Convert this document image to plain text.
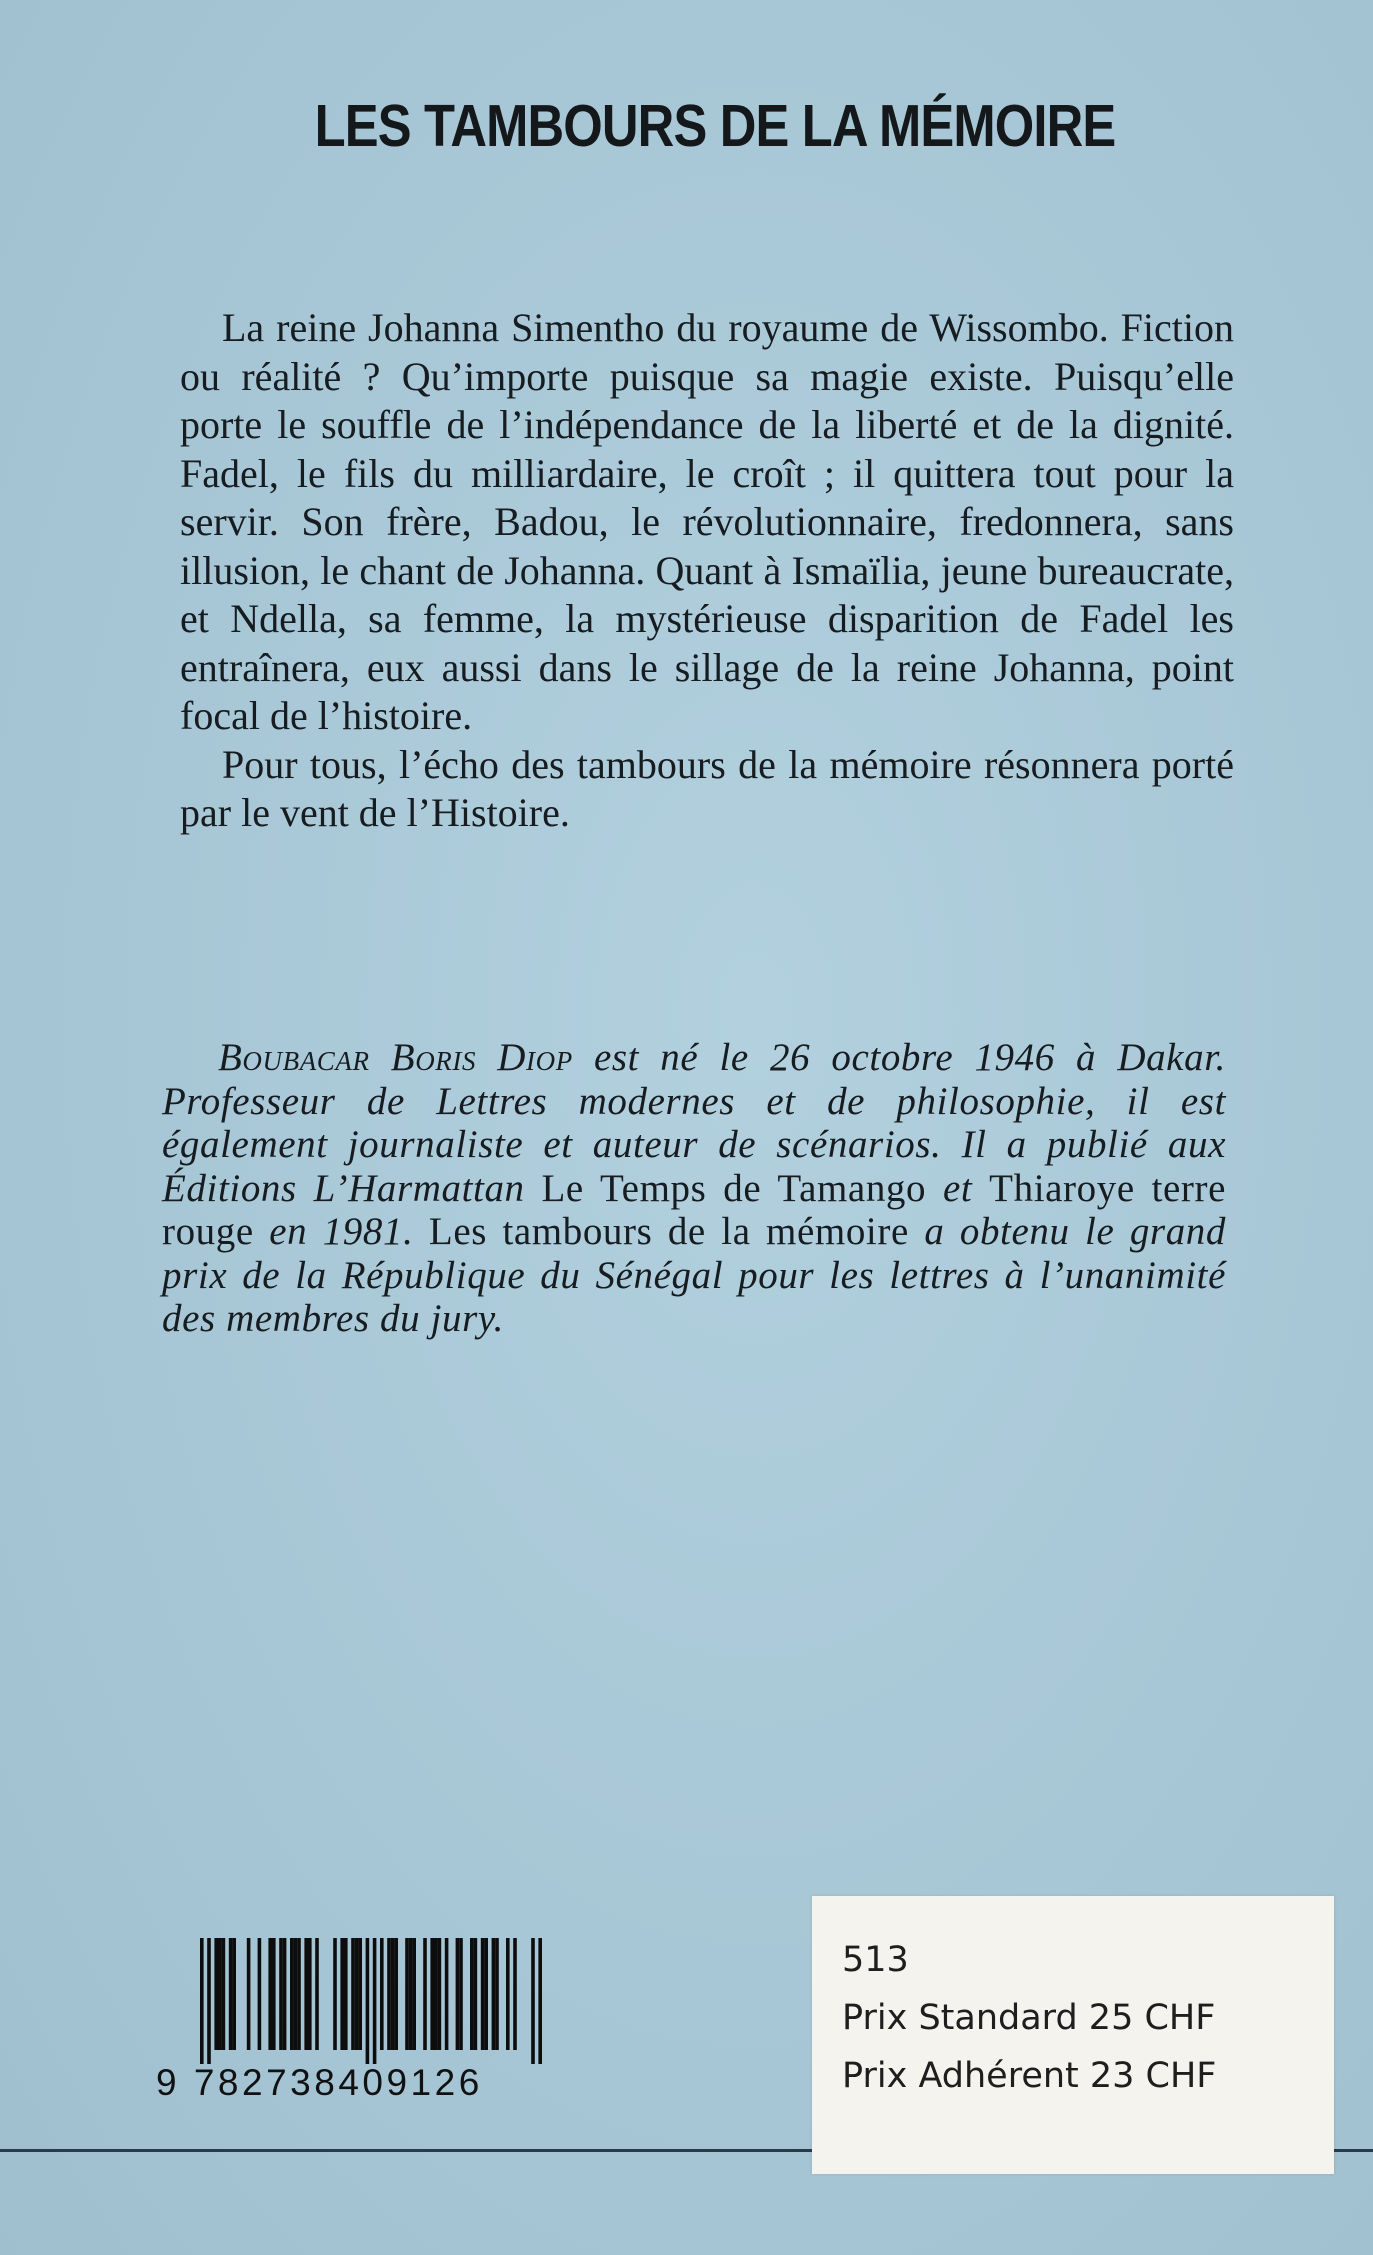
LES TAMBOURS DE LA MÉMOIRE

La reine Johanna Simentho du royaume de Wissombo. Fiction ou réalité ? Qu’importe puisque sa magie existe. Puisqu’elle porte le souffle de l’indépendance de la liberté et de la dignité. Fadel, le fils du milliardaire, le croît ; il quittera tout pour la servir. Son frère, Badou, le révolutionnaire, fredonnera, sans illusion, le chant de Johanna. Quant à Ismaïlia, jeune bureaucrate, et Ndella, sa femme, la mystérieuse disparition de Fadel les entraînera, eux aussi dans le sillage de la reine Johanna, point focal de l’histoire.

Pour tous, l’écho des tambours de la mémoire résonnera porté par le vent de l’Histoire.

Boubacar Boris Diop est né le 26 octobre 1946 à Dakar. Professeur de Lettres modernes et de philosophie, il est également journaliste et auteur de scénarios. Il a publié aux Éditions L’Harmattan Le Temps de Tamango et Thiaroye terre rouge en 1981. Les tambours de la mémoire a obtenu le grand prix de la République du Sénégal pour les lettres à l’unanimité des membres du jury.

9 782738409126
513
Prix Standard 25 CHF
Prix Adhérent 23 CHF
